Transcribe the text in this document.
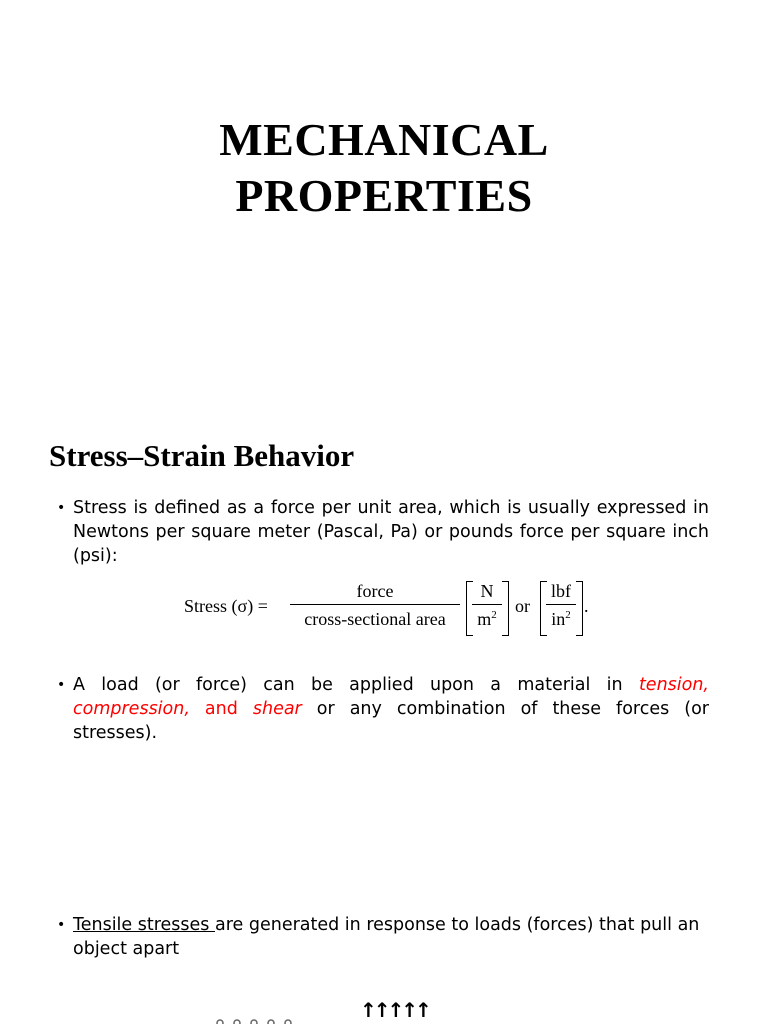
MECHANICAL
PROPERTIES
Stress–Strain Behavior
• Stress is defined as a force per unit area, which is usually expressed in Newtons per square meter (Pascal, Pa) or pounds force per square inch (psi):
Stress (σ) =
force
cross-sectional area
N
$m^2$ or
lbf
$in^2$ .
• A load (or force) can be applied upon a material in tension, compression, and shear or any combination of these forces (or stresses).
• Tensile stresses are generated in response to loads (forces) that pull an object apart
↑↑↑↑↑
